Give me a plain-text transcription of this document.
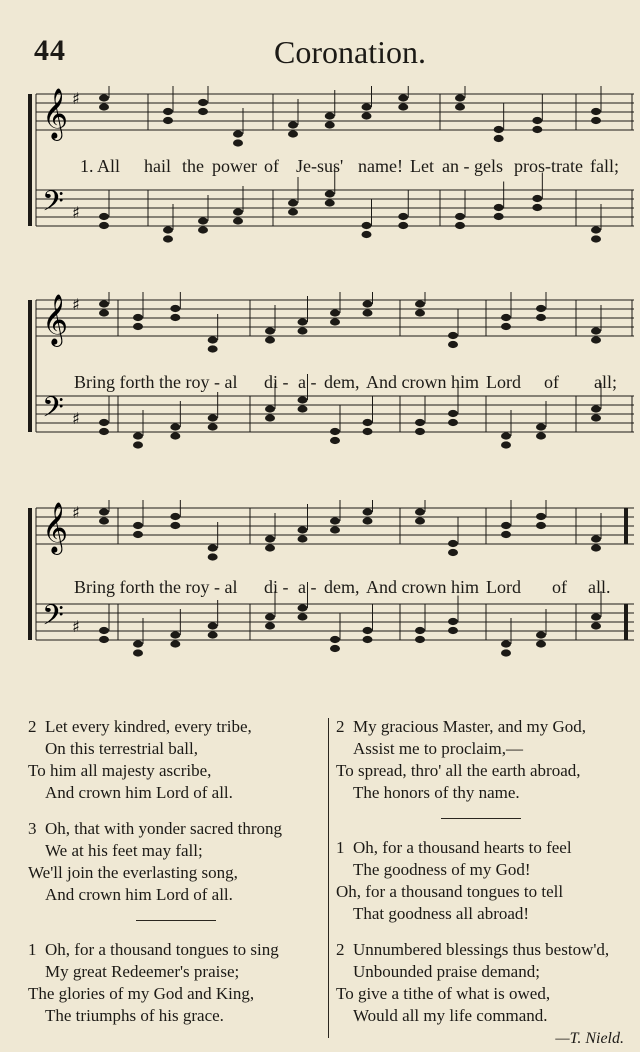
44	Coronation.
𝄞 ♯
𝄢 ♯
1. All hail the power of Je-sus' name! Let an - gels pros-trate fall;
𝄞 ♯
𝄢 ♯
Bring forth the roy - al di - a - dem, And crown him Lord of all;
𝄞 ♯
𝄢 ♯
Bring forth the roy - al di - a - dem, And crown him Lord of all.
2 Let every kindred, every tribe,
On this terrestrial ball,
To him all majesty ascribe,
And crown him Lord of all.
3 Oh, that with yonder sacred throng
We at his feet may fall;
We'll join the everlasting song,
And crown him Lord of all.
1 Oh, for a thousand tongues to sing
My great Redeemer's praise;
The glories of my God and King,
The triumphs of his grace.
2 My gracious Master, and my God,
Assist me to proclaim,—
To spread, thro' all the earth abroad,
The honors of thy name.
1 Oh, for a thousand hearts to feel
The goodness of my God!
Oh, for a thousand tongues to tell
That goodness all abroad!
2 Unnumbered blessings thus bestow'd,
Unbounded praise demand;
To give a tithe of what is owed,
Would all my life command.
—T. Nield.
